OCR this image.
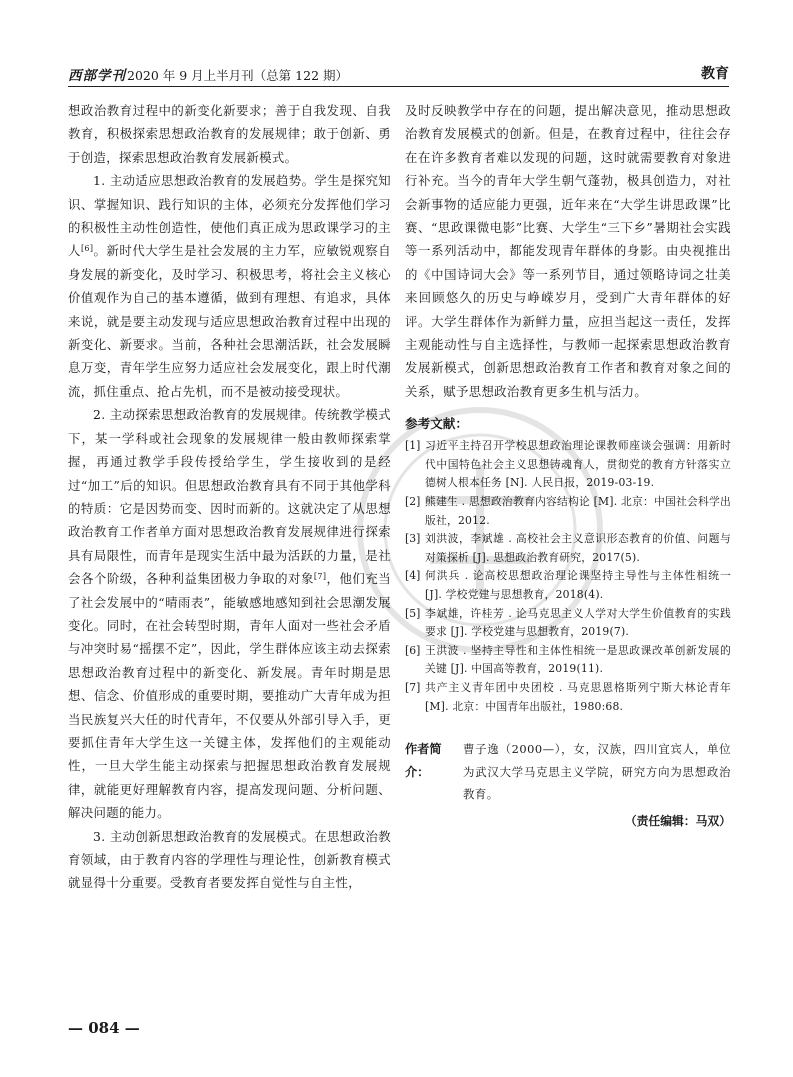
西部学刊2020 年 9 月上半月刊（总第 122 期）	教育

想政治教育过程中的新变化新要求；善于自我发现、自我教育，积极探索思想政治教育的发展规律；敢于创新、勇于创造，探索思想政治教育发展新模式。

1. 主动适应思想政治教育的发展趋势。学生是探究知识、掌握知识、践行知识的主体，必须充分发挥他们学习的积极性主动性创造性，使他们真正成为思政课学习的主人[6]。新时代大学生是社会发展的主力军，应敏锐观察自身发展的新变化，及时学习、积极思考，将社会主义核心价值观作为自己的基本遵循，做到有理想、有追求，具体来说，就是要主动发现与适应思想政治教育过程中出现的新变化、新要求。当前，各种社会思潮活跃，社会发展瞬息万变，青年学生应努力适应社会发展变化，跟上时代潮流，抓住重点、抢占先机，而不是被动接受现状。

2. 主动探索思想政治教育的发展规律。传统教学模式下，某一学科或社会现象的发展规律一般由教师探索掌握，再通过教学手段传授给学生，学生接收到的是经过“加工”后的知识。但思想政治教育具有不同于其他学科的特质：它是因势而变、因时而新的。这就决定了从思想政治教育工作者单方面对思想政治教育发展规律进行探索具有局限性，而青年是现实生活中最为活跃的力量，是社会各个阶级，各种利益集团极力争取的对象[7]，他们充当了社会发展中的“晴雨表”，能敏感地感知到社会思潮发展变化。同时，在社会转型时期，青年人面对一些社会矛盾与冲突时易“摇摆不定”，因此，学生群体应该主动去探索思想政治教育过程中的新变化、新发展。青年时期是思想、信念、价值形成的重要时期，要推动广大青年成为担当民族复兴大任的时代青年，不仅要从外部引导入手，更要抓住青年大学生这一关键主体，发挥他们的主观能动性，一旦大学生能主动探索与把握思想政治教育发展规律，就能更好理解教育内容，提高发现问题、分析问题、解决问题的能力。

3. 主动创新思想政治教育的发展模式。在思想政治教育领域，由于教育内容的学理性与理论性，创新教育模式就显得十分重要。受教育者要发挥自觉性与自主性，

及时反映教学中存在的问题，提出解决意见，推动思想政治教育发展模式的创新。但是，在教育过程中，往往会存在在许多教育者难以发现的问题，这时就需要教育对象进行补充。当今的青年大学生朝气蓬勃，极具创造力，对社会新事物的适应能力更强，近年来在“大学生讲思政课”比赛、“思政课微电影”比赛、大学生“三下乡”暑期社会实践等一系列活动中，都能发现青年群体的身影。由央视推出的《中国诗词大会》等一系列节目，通过领略诗词之壮美来回顾悠久的历史与峥嵘岁月，受到广大青年群体的好评。大学生群体作为新鲜力量，应担当起这一责任，发挥主观能动性与自主选择性，与教师一起探索思想政治教育发展新模式，创新思想政治教育工作者和教育对象之间的关系，赋予思想政治教育更多生机与活力。

参考文献：
[1] 习近平主持召开学校思想政治理论课教师座谈会强调：用新时代中国特色社会主义思想铸魂育人，贯彻党的教育方针落实立德树人根本任务 [N]. 人民日报，2019-03-19.
[2] 熊建生 . 思想政治教育内容结构论 [M]. 北京：中国社会科学出版社，2012.
[3] 刘洪波，李斌雄 . 高校社会主义意识形态教育的价值、问题与对策探析 [J]. 思想政治教育研究，2017(5).
[4] 何洪兵 . 论高校思想政治理论课坚持主导性与主体性相统一 [J]. 学校党建与思想教育，2018(4).
[5] 李斌雄，许桂芳 . 论马克思主义人学对大学生价值教育的实践要求 [J]. 学校党建与思想教育，2019(7).
[6] 王洪波 . 坚持主导性和主体性相统一是思政课改革创新发展的关键 [J]. 中国高等教育，2019(11).
[7] 共产主义青年团中央团校 . 马克思恩格斯列宁斯大林论青年 [M]. 北京：中国青年出版社，1980:68.
作者简介：
曹子逸（2000—），女，汉族，四川宜宾人，单位为武汉大学马克思主义学院，研究方向为思想政治教育。
（责任编辑：马双）
— 084 —
